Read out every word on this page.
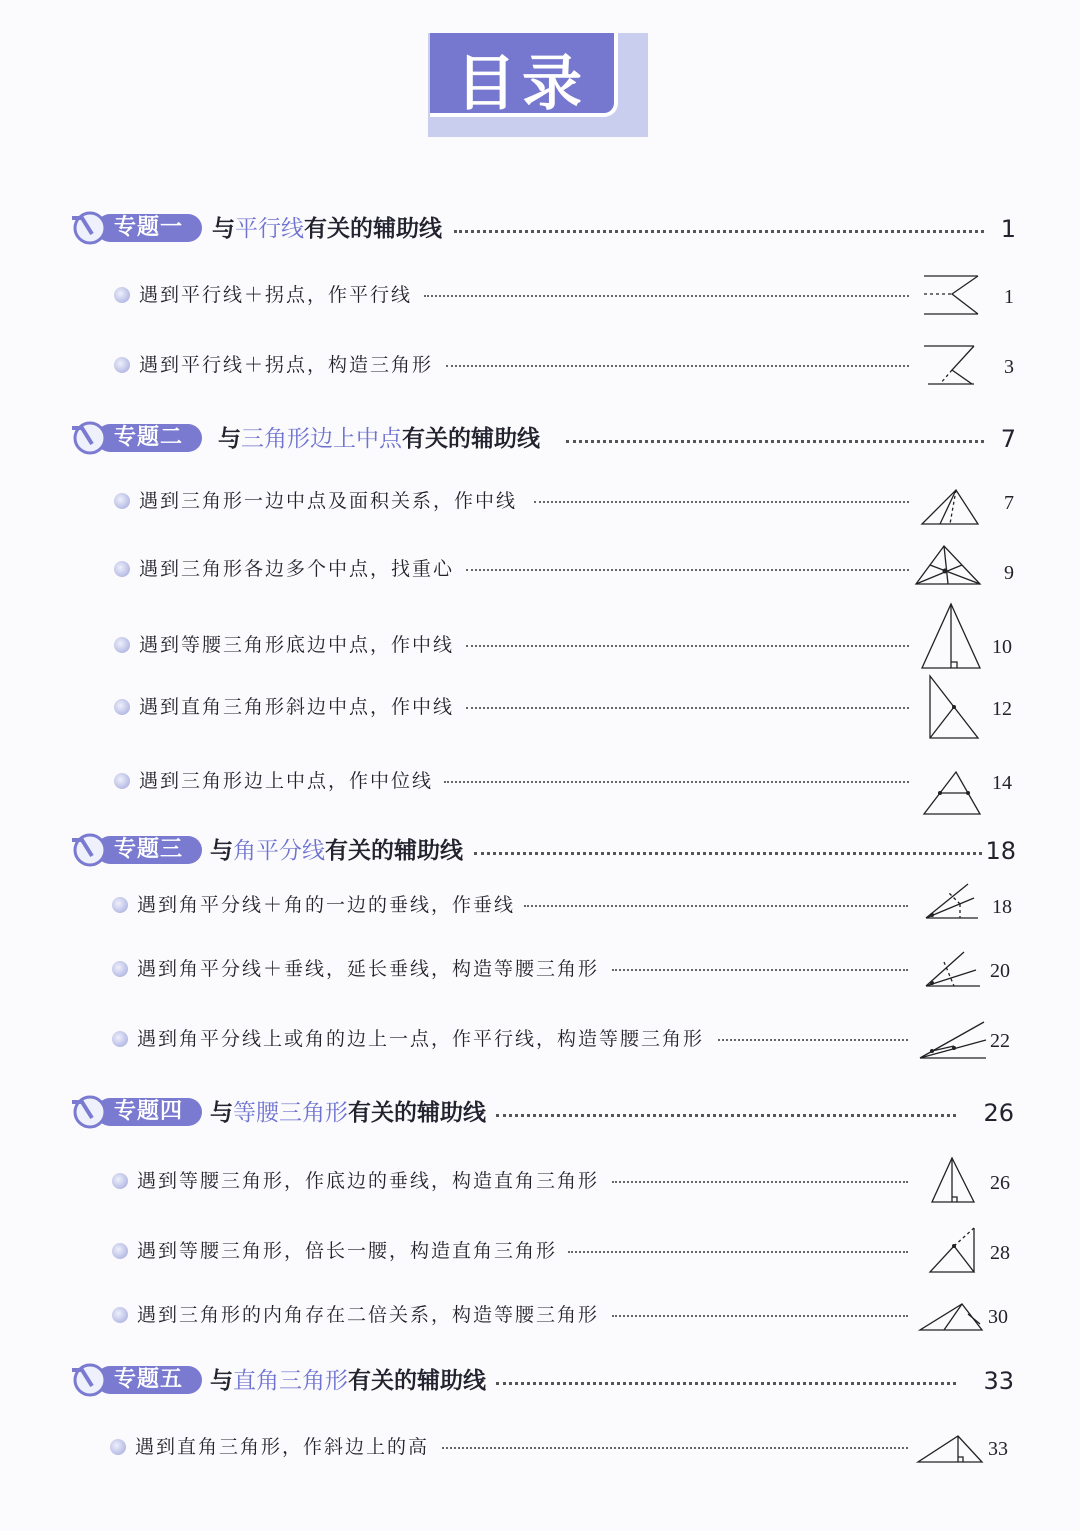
目录
专题一 与平行线有关的辅助线	1
遇到平行线＋拐点，作平行线	1
遇到平行线＋拐点，构造三角形	3
专题二 与三角形边上中点有关的辅助线	7
遇到三角形一边中点及面积关系，作中线	7
遇到三角形各边多个中点，找重心	9
遇到等腰三角形底边中点，作中线	10
遇到直角三角形斜边中点，作中线	12
遇到三角形边上中点，作中位线	14
专题三 与角平分线有关的辅助线	18
遇到角平分线＋角的一边的垂线，作垂线	18
遇到角平分线＋垂线，延长垂线，构造等腰三角形	20
遇到角平分线上或角的边上一点，作平行线，构造等腰三角形	22
专题四 与等腰三角形有关的辅助线	26
遇到等腰三角形，作底边的垂线，构造直角三角形	26
遇到等腰三角形，倍长一腰，构造直角三角形	28
遇到三角形的内角存在二倍关系，构造等腰三角形	30
专题五 与直角三角形有关的辅助线	33
遇到直角三角形，作斜边上的高	33
